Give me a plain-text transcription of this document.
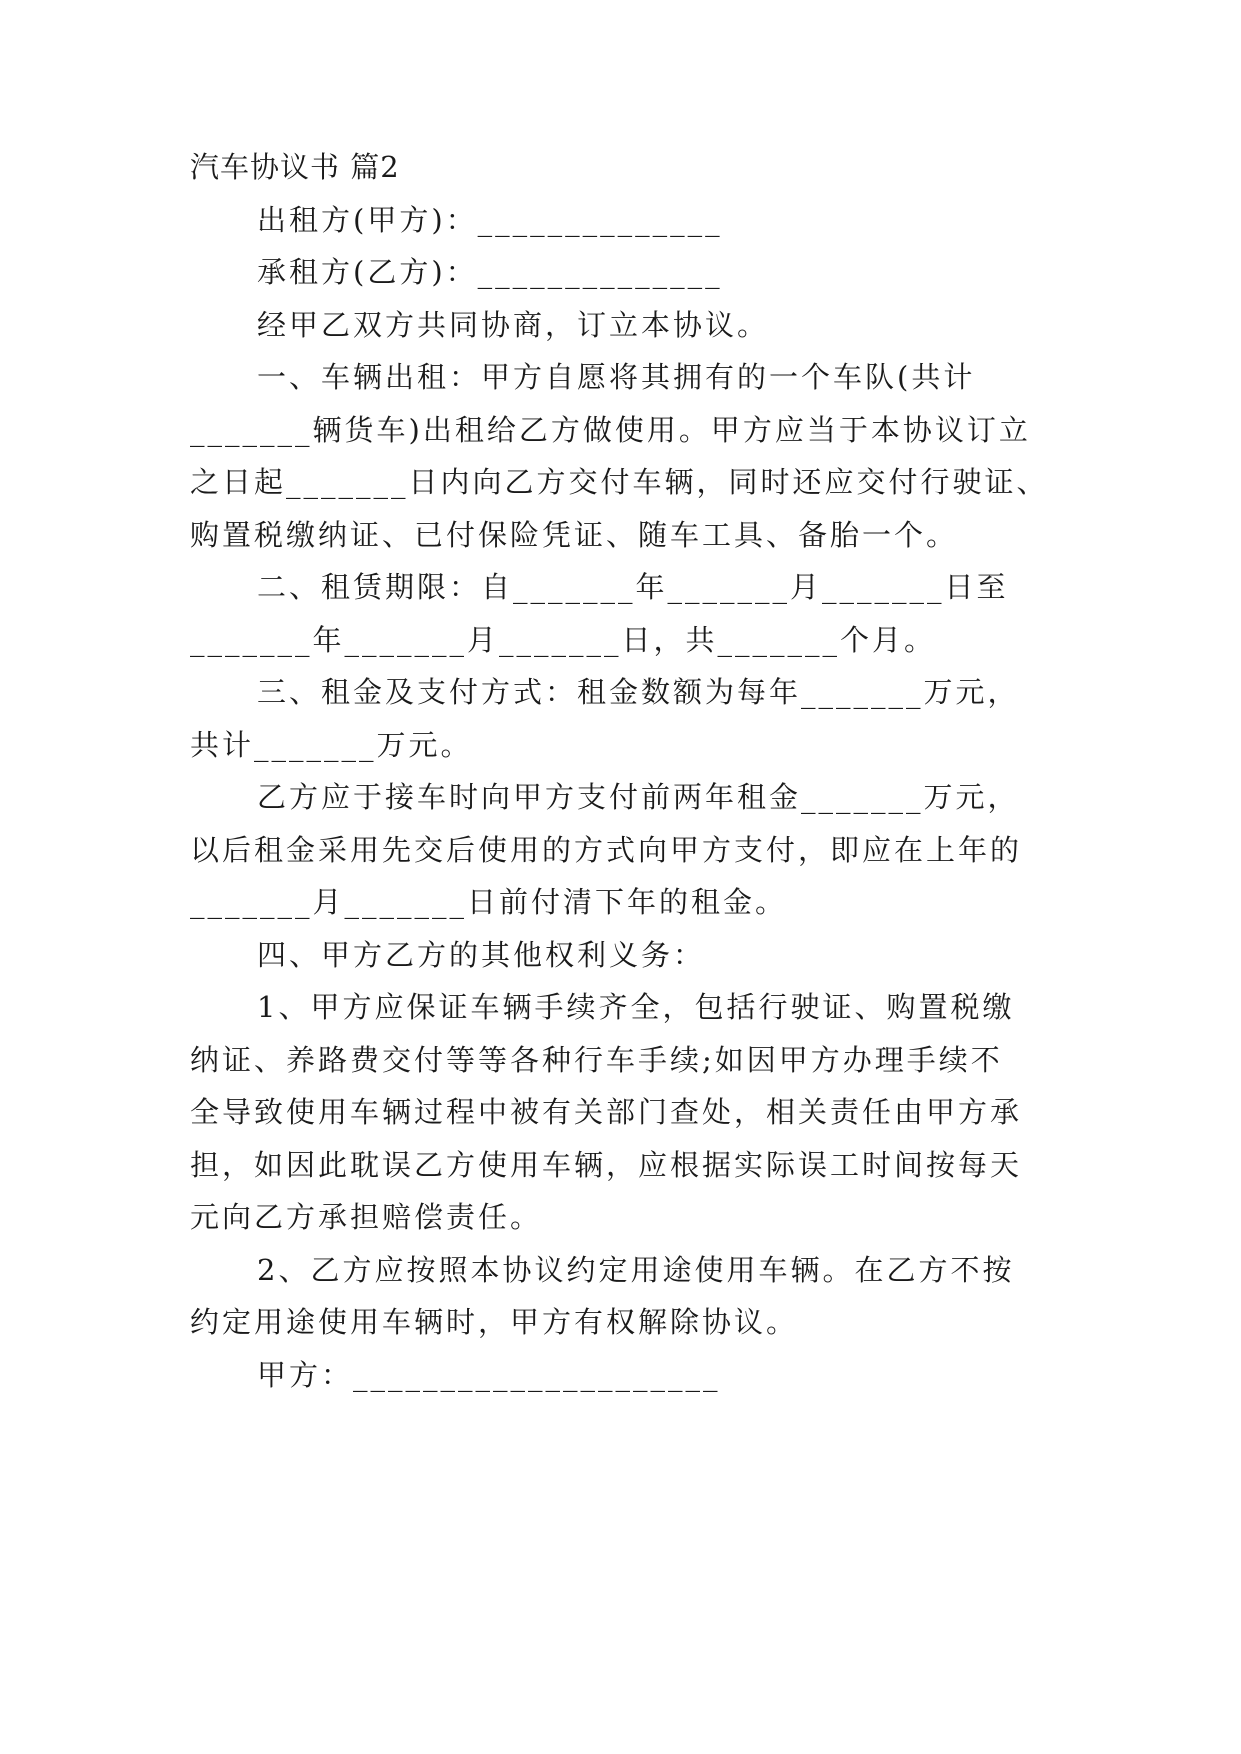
汽车协议书 篇2
出租方(甲方)：______________
承租方(乙方)：______________
经甲乙双方共同协商，订立本协议。
一、车辆出租：甲方自愿将其拥有的一个车队(共计
_______辆货车)出租给乙方做使用。甲方应当于本协议订立
之日起_______日内向乙方交付车辆，同时还应交付行驶证、
购置税缴纳证、已付保险凭证、随车工具、备胎一个。
二、租赁期限：自_______年_______月_______日至
_______年_______月_______日，共_______个月。
三、租金及支付方式：租金数额为每年_______万元，
共计_______万元。
乙方应于接车时向甲方支付前两年租金_______万元，
以后租金采用先交后使用的方式向甲方支付，即应在上年的
_______月_______日前付清下年的租金。
四、甲方乙方的其他权利义务：
1、甲方应保证车辆手续齐全，包括行驶证、购置税缴
纳证、养路费交付等等各种行车手续;如因甲方办理手续不
全导致使用车辆过程中被有关部门查处，相关责任由甲方承
担，如因此耽误乙方使用车辆，应根据实际误工时间按每天
元向乙方承担赔偿责任。
2、乙方应按照本协议约定用途使用车辆。在乙方不按
约定用途使用车辆时，甲方有权解除协议。
甲方：_____________________
